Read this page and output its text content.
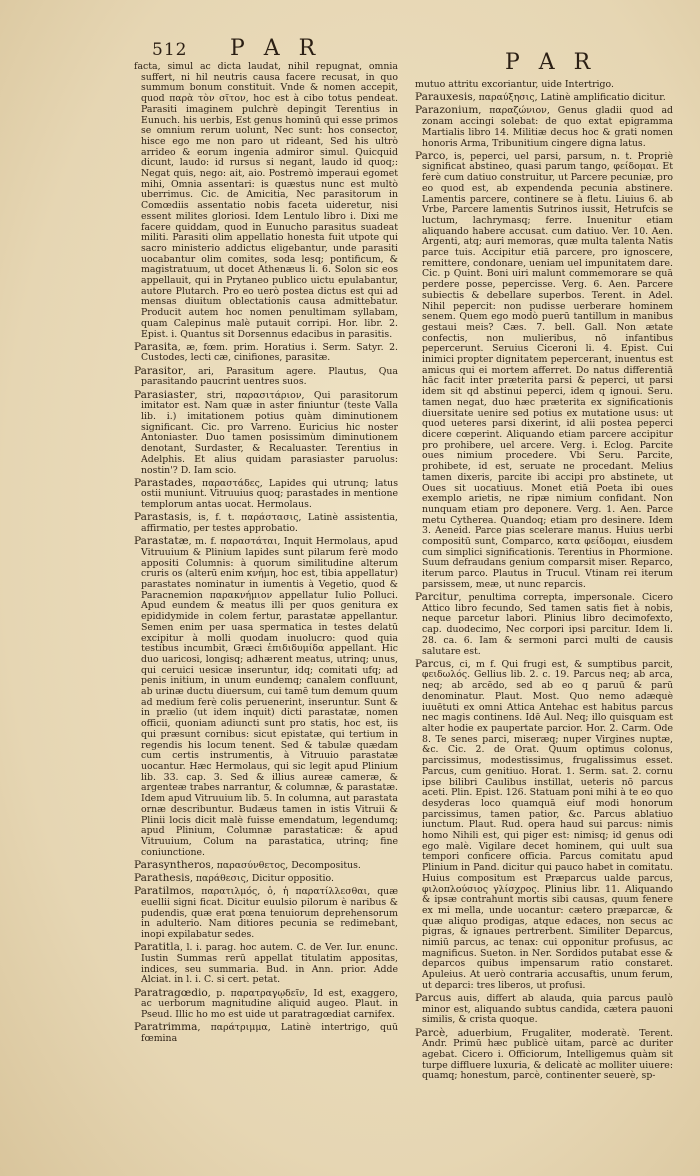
512 P A R
P A R

facta, simul ac dicta laudat, nihil repugnat, omnia suffert, ni hil neutris causa facere recusat, in quo summum bonum constituit. Vnde & nomen accepit, quod παρὰ τὸν σῖτον, hoc est à cibo totus pendeat. Parasiti imaginem pulchrè depingit Terentius in Eunuch. his uerbis, Est genus hominū qui esse primos se omnium rerum uolunt, Nec sunt: hos consector, hisce ego me non paro ut rideant, Sed his ultrò arrideo & eorum ingenia admiror simul. Quicquid dicunt, laudo: id rursus si negant, laudo id quoq;: Negat quis, nego: ait, aio. Postremò imperaui egomet mihi, Omnia assentari: is quæstus nunc est multò uberrimus. Cic. de Amicitia, Nec parasitorum in Comœdiis assentatio nobis faceta uideretur, nisi essent milites gloriosi. Idem Lentulo libro i. Dixi me facere quiddam, quod in Eunucho parasitus suadeat militi. Parasiti olim appellatio honesta fuit utpote qui sacro ministerio addictus eligebantur, unde parasiti uocabantur olim comites, soda lesq; pontificum, & magistratuum, ut docet Athenæus li. 6. Solon sic eos appellauit, qui in Prytaneo publico uictu epulabantur, autore Plutarch. Pro eo uerò postea dictus est qui ad mensas diuitum oblectationis causa admittebatur. Producit autem hoc nomen penultimam syllabam, quam Calepinus malè putauit corripi. Hor. libr. 2. Epist. i. Quantus sit Dorsennus edacibus in parasitis.

Parasita, æ, fœm. prim. Horatius i. Serm. Satyr. 2. Custodes, lecti cæ, cinifiones, parasitæ.

Parasitor, ari, Parasitum agere. Plautus, Qua parasitando paucrint uentres suos.

Parasiaster, stri, παρασιτάριον, Qui parasitorum imitator est. Nam quæ in aster finiuntur (teste Valla lib. i.) imitationem potius quàm diminutionem significant. Cic. pro Varreno. Euricius hic noster Antoniaster. Duo tamen posissimùm diminutionem denotant, Surdaster, & Recaluaster. Terentius in Adelphis. Et alius quidam parasiaster paruolus: nostin'? D. Iam scio.

Parastades, παραστάδες, Lapides qui utrunq; latus ostii muniunt. Vitruuius quoq; parastades in mentione templorum antas uocat. Hermolaus.

Parastasis, is, f. t. παράστασις, Latinè assistentia, affirmatio, per testes approbatio.

Parastatæ, m. f. παραστάται, Inquit Hermolaus, apud Vitruuium & Plinium lapides sunt pilarum ferè modo appositi Columnis: à quorum similitudine alterum cruris os (alterū enim κνήμη, hoc est, tibia appellatur) parastates nominatur in iumentis à Vegetio, quod & Paracnemion παρακνήμιον appellatur Iulio Polluci. Apud eundem & meatus illi per quos genitura ex epididymide in colem fertur, parastatæ appellantur. Semen enim per uasa spermatica in testes delatū excipitur à molli quodam inuolucro: quod quia testibus incumbit, Græci ἐπιδιδυμίδα appellant. Hic duo uaricosi, longisq; adhærent meatus, utrinq; unus, qui ceruici uesicæ inseruntur, idq; comitati ufq; ad penis initium, in unum eundemq; canalem confluunt, ab urinæ ductu diuersum, cui tamē tum demum quum ad medium ferè colis peruenerint, inseruntur. Sunt & in prælio (ut idem inquit) dicti parastatæ, nomen officii, quoniam adiuncti sunt pro statis, hoc est, iis qui præsunt cornibus: sicut epistatæ, qui tertium in regendis his locum tenent. Sed & tabulæ quædam cum certis instrumentis, à Vitruuio parastatæ uocantur. Hæc Hermolaus, qui sic legit apud Plinium lib. 33. cap. 3. Sed & illius aureæ cameræ, & argenteæ trabes narrantur, & columnæ, & parastatæ. Idem apud Vitruuium lib. 5. In columna, aut parastata ornæ describuntur. Budæus tamen in istis Vitruii & Plinii locis dicit malè fuisse emendatum, legendumq; apud Plinium, Columnæ parastaticæ: & apud Vitruuium, Colum na parastatica, utrinq; fine coniunctione.

Parasyntheros, παρασύνθετος, Decompositus.

Parathesis, παράθεσις, Dicitur oppositio.

Paratilmos, παρατιλμός, ὁ, ἡ παρατίλλεσθαι, quæ euellii signi ficat. Dicitur euulsio pilorum è naribus & pudendis, quæ erat pœna tenuiorum deprehensorum in adulterio. Nam ditiores pecunia se redimebant, inopi expilabatur sedes.

Paratitla, l. i. parag. hoc autem. C. de Ver. Iur. enunc. Iustin Summas rerū appellat titulatim appositas, indices, seu summaria. Bud. in Ann. prior. Adde Alciat. in l. i. C. si cert. petat.

Paratragœdio, p. παρατραγῳδεῖν, Id est, exaggero, ac uerborum magnitudine aliquid augeo. Plaut. in Pseud. Illic ho mo est uide ut paratragœdiat carnifex.

Paratrimma, παράτριμμα, Latinè intertrigo, quū fœmina

mutuo attritu excoriantur, uide Intertrigo.

Parauxesis, παραύξησις, Latinè amplificatio dicitur.

Parazonium, παραζώνιον, Genus gladii quod ad zonam accingi solebat: de quo extat epigramma Martialis libro 14. Militiæ decus hoc & grati nomen honoris Arma, Tribunitium cingere digna latus.

Parco, is, peperci, uel parsi, parsum, n. t. Propriè significat abstineo, quasi parum tango, φείδομαι. Et ferè cum datiuo construitur, ut Parcere pecuniæ, pro eo quod est, ab expendenda pecunia abstinere. Lamentis parcere, continere se à fletu. Liuius 6. ab Vrbe, Parcere lamentis Sutrinos iussit, Hetrufcis se luctum, lachrymasq; ferre. Inuenitur etiam aliquando habere accusat. cum datiuo. Ver. 10. Aen. Argenti, atq; auri memoras, quæ multa talenta Natis parce tuis. Accipitur etiā parcere, pro ignoscere, remittere, condonare, ueniam uel impunitatem dare. Cic. p Quint. Boni uiri malunt commemorare se quā perdere posse, pepercisse. Verg. 6. Aen. Parcere subiectis & debellare superbos. Terent. in Adel. Nihil pepercit: non pudisse uerberare hominem senem. Quem ego modò puerū tantillum in manibus gestaui meis? Cæs. 7. bell. Gall. Non ætate confectis, non mulieribus, nō infantibus pepercerunt. Seruius Ciceroni li. 4. Epist. Cui inimici propter dignitatem pepercerant, inuentus est amicus qui ei mortem afferret. Do natus differentiā hāc facit inter præterita parsi & peperci, ut parsi idem sit qd abstinui peperci, idem q ignoui. Seru. tamen negat, duo hæc præterita ex significationis diuersitate uenire sed potius ex mutatione usus: ut quod ueteres parsi dixerint, id alii postea peperci dicere cœperint. Aliquando etiam parcere accipitur pro prohibere, uel arcere. Verg. i. Eclog. Parcite oues nimium procedere. Vbi Seru. Parcite, prohibete, id est, seruate ne procedant. Melius tamen dixeris, parcite ibi accipi pro abstinete, ut Oues sit uocatiuus. Monet etiā Poeta ibi oues exemplo arietis, ne ripæ nimium confidant. Non nunquam etiam pro deponere. Verg. 1. Aen. Parce metu Cytherea. Quandoq; etiam pro desinere. Idem 3. Aeneid. Parce pias scelerare manus. Huius uerbi compositū sunt, Comparco, κατα φείδομαι, eiusdem cum simplici significationis. Terentius in Phormione. Suum defraudans genium comparsit miser. Reparco, iterum parco. Plautus in Trucul. Vtinam rei iterum parsissem, meæ, ut nunc reparcis.

Parcitur, penultima correpta, impersonale. Cicero Attico libro fecundo, Sed tamen satis fiet à nobis, neque parcetur labori. Plinius libro decimofexto, cap. duodecimo, Nec corpori ipsi parcitur. Idem li. 28. ca. 6. Iam & sermoni parci multi de causis salutare est.

Parcus, ci, m f. Qui frugi est, & sumptibus parcit, φειδωλός. Gellius lib. 2. c. 19. Parcus neq; ab arca, neq; ab arcēdo, sed ab eo q paruū & parū denominatur. Plaut. Most. Quo nemo adæquè iuuētuti ex omni Attica Antehac est habitus parcus nec magis continens. Idē Aul. Neq; illo quisquam est alter hodie ex paupertate parcior. Hor. 2. Carm. Ode 8. Te senes parci, miseræq; nuper Virgines nuptæ, &c. Cic. 2. de Orat. Quum optimus colonus, parcissimus, modestissimus, frugalissimus esset. Parcus, cum genitiuo. Horat. 1. Serm. sat. 2. cornu ipse bilibri Caulibus instillat, ueteris nō parcus aceti. Plin. Epist. 126. Statuam poni mihi à te eo quo desyderas loco quamquā eiuf modi honorum parcissimus, tamen patior, &c. Parcus ablatiuo iunctum. Plaut. Rud. opera haud sui parcus: nimis homo Nihili est, qui piger est: nimisq; id genus odi ego malè. Vigilare decet hominem, qui uult sua tempori conficere officia. Parcus comitatu apud Plinium in Pand. dicitur qui pauco habet in comitatu. Huius compositum est Præparcus ualde parcus, φιλοπλούσιος γλίσχρος. Plinius libr. 11. Aliquando & ipsæ contrahunt mortis sibi causas, quum fenere ex mi mella, unde uocantur: cætero præparcæ, & quæ aliquo prodigas, atque edaces, non secus ac pigras, & ignaues pertrerbent. Similiter Deparcus, nimiū parcus, ac tenax: cui opponitur profusus, ac magnificus. Sueton. in Ner. Sordidos putabat esse & deparcos quibus impensarum ratio constaret. Apuleius. At uerò contraria accusaftis, unum ferum, ut deparci: tres liberos, ut profusi.

Parcus auis, differt ab alauda, quia parcus paulò minor est, aliquando subtus candida, cætera pauoni similis, & crista quoque.

Parcè, aduerbium, Frugaliter, moderatè. Terent. Andr. Primū hæc publicè uitam, parcè ac duriter agebat. Cicero i. Officiorum, Intelligemus quàm sit turpe diffluere luxuria, & delicatè ac molliter uiuere: quamq; honestum, parcè, continenter seuerè, sp-
